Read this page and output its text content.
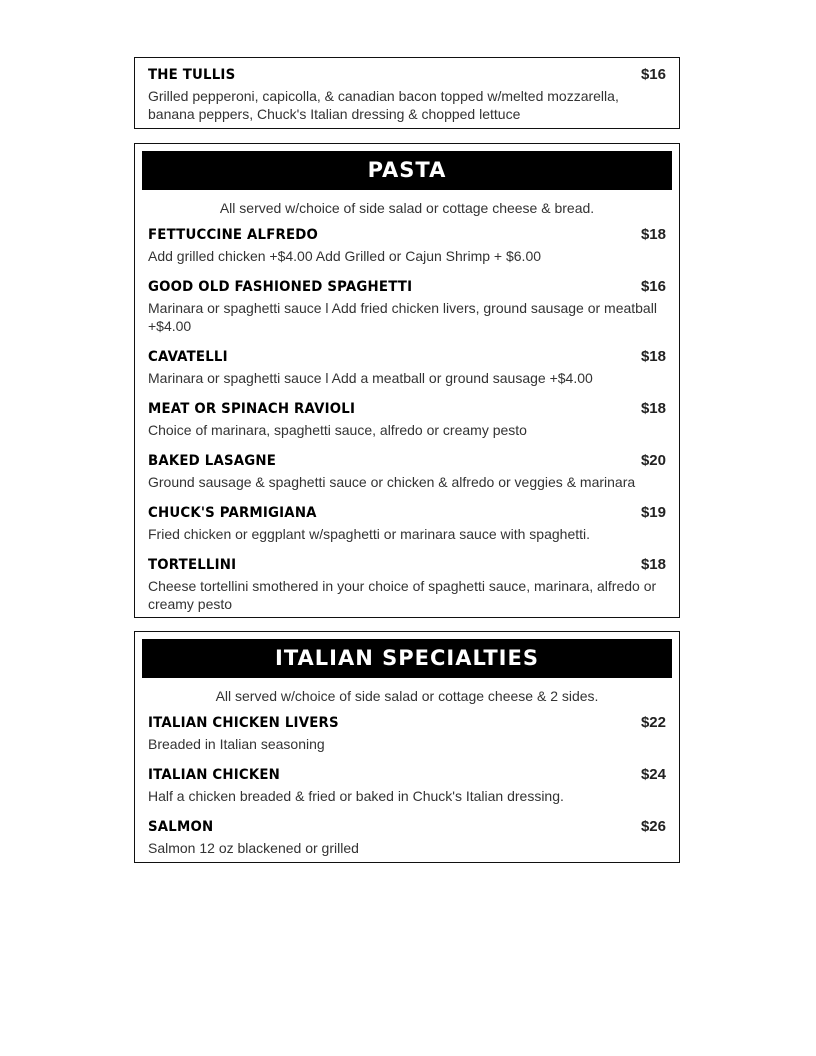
THE TULLIS	$16
Grilled pepperoni, capicolla, & canadian bacon topped w/melted mozzarella, banana peppers, Chuck's Italian dressing & chopped lettuce
PASTA
All served w/choice of side salad or cottage cheese & bread.
FETTUCCINE ALFREDO	$18
Add grilled chicken +$4.00 Add Grilled or Cajun Shrimp + $6.00
GOOD OLD FASHIONED SPAGHETTI	$16
Marinara or spaghetti sauce l Add fried chicken livers, ground sausage or meatball +$4.00
CAVATELLI	$18
Marinara or spaghetti sauce l Add a meatball or ground sausage +$4.00
MEAT OR SPINACH RAVIOLI	$18
Choice of marinara, spaghetti sauce, alfredo or creamy pesto
BAKED LASAGNE	$20
Ground sausage & spaghetti sauce or chicken & alfredo or veggies & marinara
CHUCK'S PARMIGIANA	$19
Fried chicken or eggplant w/spaghetti or marinara sauce with spaghetti.
TORTELLINI	$18
Cheese tortellini smothered in your choice of spaghetti sauce, marinara, alfredo or creamy pesto
ITALIAN SPECIALTIES
All served w/choice of side salad or cottage cheese & 2 sides.
ITALIAN CHICKEN LIVERS	$22
Breaded in Italian seasoning
ITALIAN CHICKEN	$24
Half a chicken breaded & fried or baked in Chuck's Italian dressing.
SALMON	$26
Salmon 12 oz blackened or grilled
